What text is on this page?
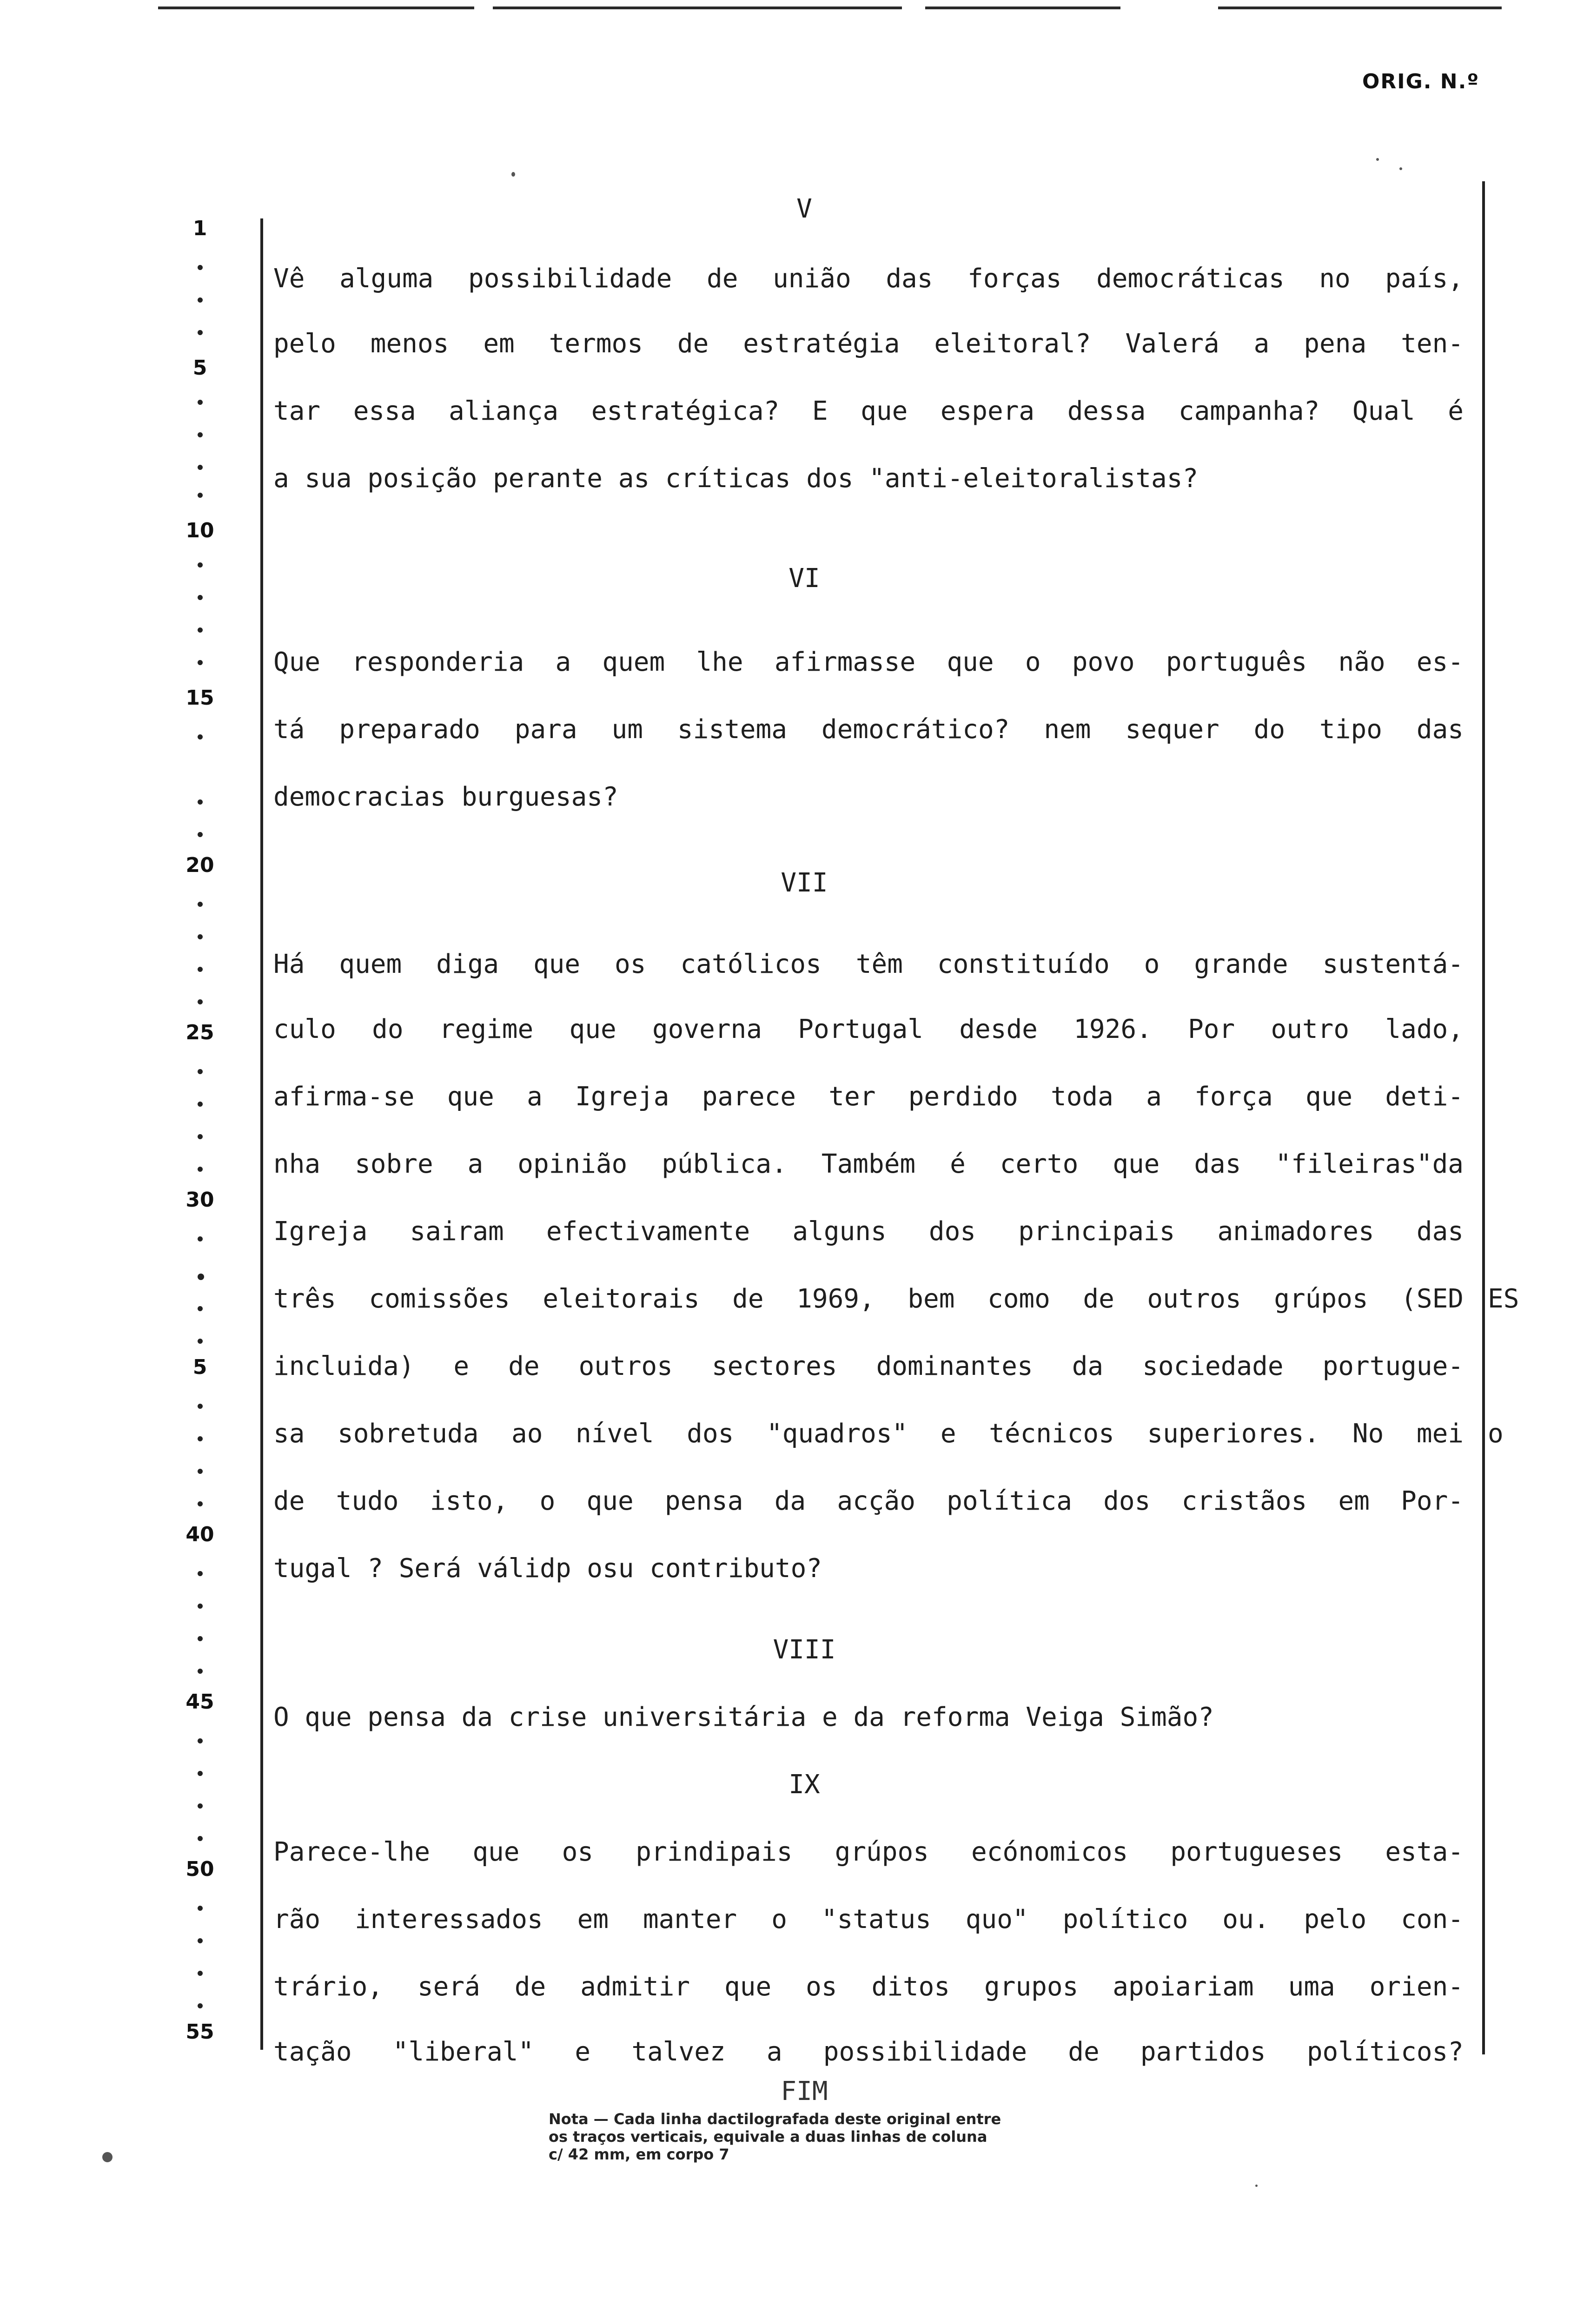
ORIG. N.º
1
5
10
15
20
25
30
5
40
45
50
55
V
Vê alguma possibilidade de união das forças democráticas no país,
pelo menos em termos de estratégia eleitoral? Valerá a pena ten-
tar essa aliança estratégica? E que espera dessa campanha? Qual é
a sua posição perante as críticas dos "anti-eleitoralistas?
VI
Que responderia a quem lhe afirmasse que o povo português não es-
tá preparado para um sistema democrático? nem sequer do tipo das
democracias burguesas?
VII
Há quem diga que os católicos têm constituído o grande sustentá-
culo do regime que governa Portugal desde 1926. Por outro lado,
afirma-se que a Igreja parece ter perdido toda a força que deti-
nha sobre a opinião pública. Também é certo que das "fileiras"da
Igreja sairam efectivamente alguns dos principais animadores das
três comissões eleitorais de 1969, bem como de outros grúpos (SED
incluida) e de outros sectores dominantes da sociedade portugue-
sa sobretuda ao nível dos "quadros" e técnicos superiores. No mei
de tudo isto, o que pensa da acção política dos cristãos em Por-
tugal ? Será válidp osu contributo?
ES
o
VIII
O que pensa da crise universitária e da reforma Veiga Simão?
IX
Parece-lhe que os prindipais grúpos ecónomicos portugueses esta-
rão interessados em manter o "status quo" político ou. pelo con-
trário, será de admitir que os ditos grupos apoiariam uma orien-
tação "liberal" e talvez a possibilidade de partidos políticos?
FIM
Nota — Cada linha dactilografada deste original entre
os traços verticais, equivale a duas linhas de coluna
c/ 42 mm, em corpo 7
